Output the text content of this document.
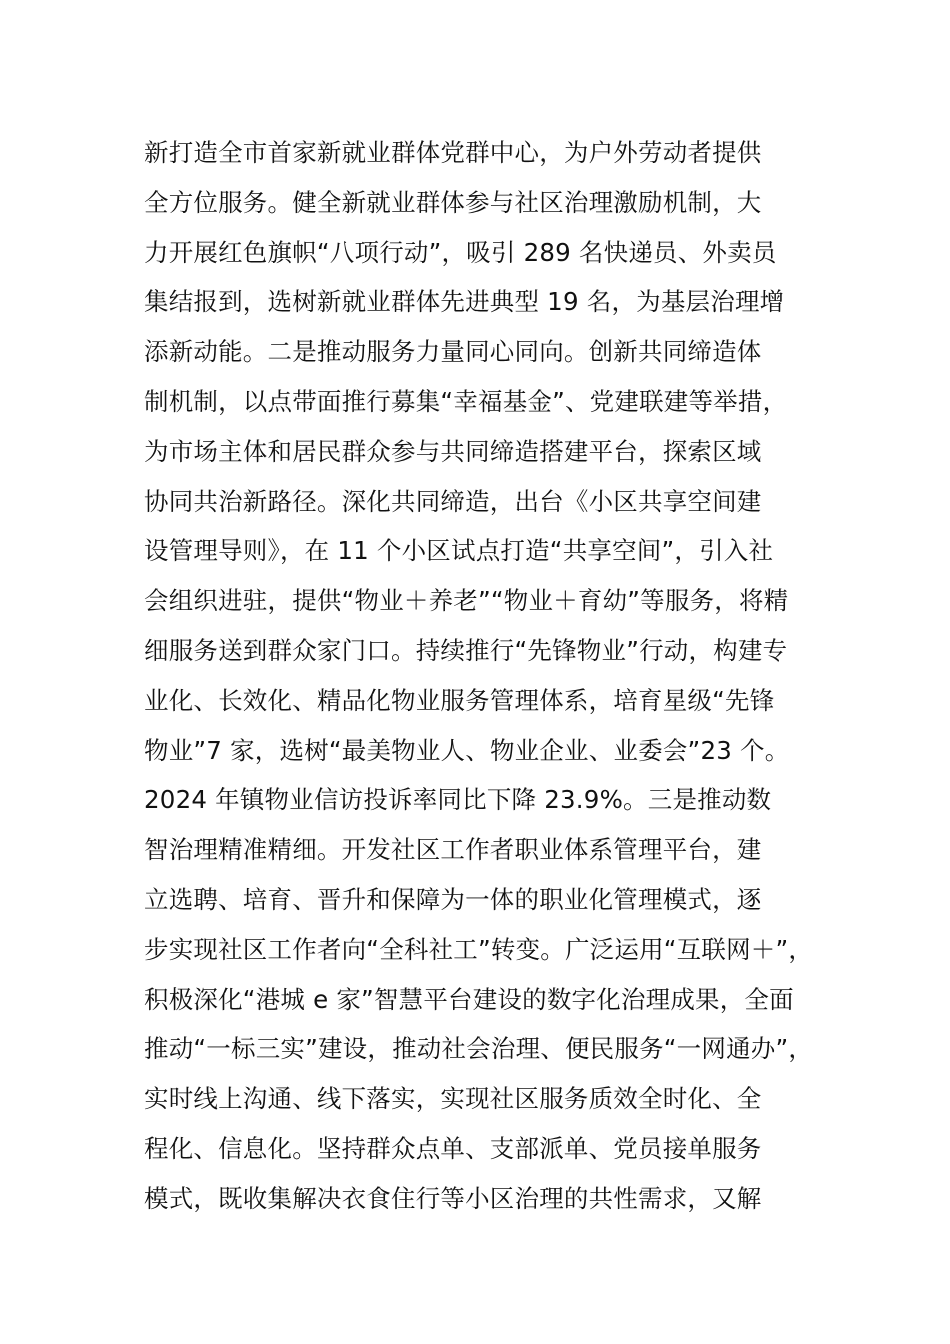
新打造全市首家新就业群体党群中心，为户外劳动者提供
全方位服务。健全新就业群体参与社区治理激励机制，大
力开展红色旗帜“八项行动”，吸引 289 名快递员、外卖员
集结报到，选树新就业群体先进典型 19 名，为基层治理增
添新动能。二是推动服务力量同心同向。创新共同缔造体
制机制，以点带面推行募集“幸福基金”、党建联建等举措，
为市场主体和居民群众参与共同缔造搭建平台，探索区域
协同共治新路径。深化共同缔造，出台《小区共享空间建
设管理导则》，在 11 个小区试点打造“共享空间”，引入社
会组织进驻，提供“物业＋养老”“物业＋育幼”等服务，将精
细服务送到群众家门口。持续推行“先锋物业”行动，构建专
业化、长效化、精品化物业服务管理体系，培育星级“先锋
物业”7 家，选树“最美物业人、物业企业、业委会”23 个。
2024 年镇物业信访投诉率同比下降 23.9%。三是推动数
智治理精准精细。开发社区工作者职业体系管理平台，建
立选聘、培育、晋升和保障为一体的职业化管理模式，逐
步实现社区工作者向“全科社工”转变。广泛运用“互联网＋”，
积极深化“港城 e 家”智慧平台建设的数字化治理成果，全面
推动“一标三实”建设，推动社会治理、便民服务“一网通办”，
实时线上沟通、线下落实，实现社区服务质效全时化、全
程化、信息化。坚持群众点单、支部派单、党员接单服务
模式，既收集解决衣食住行等小区治理的共性需求，又解
